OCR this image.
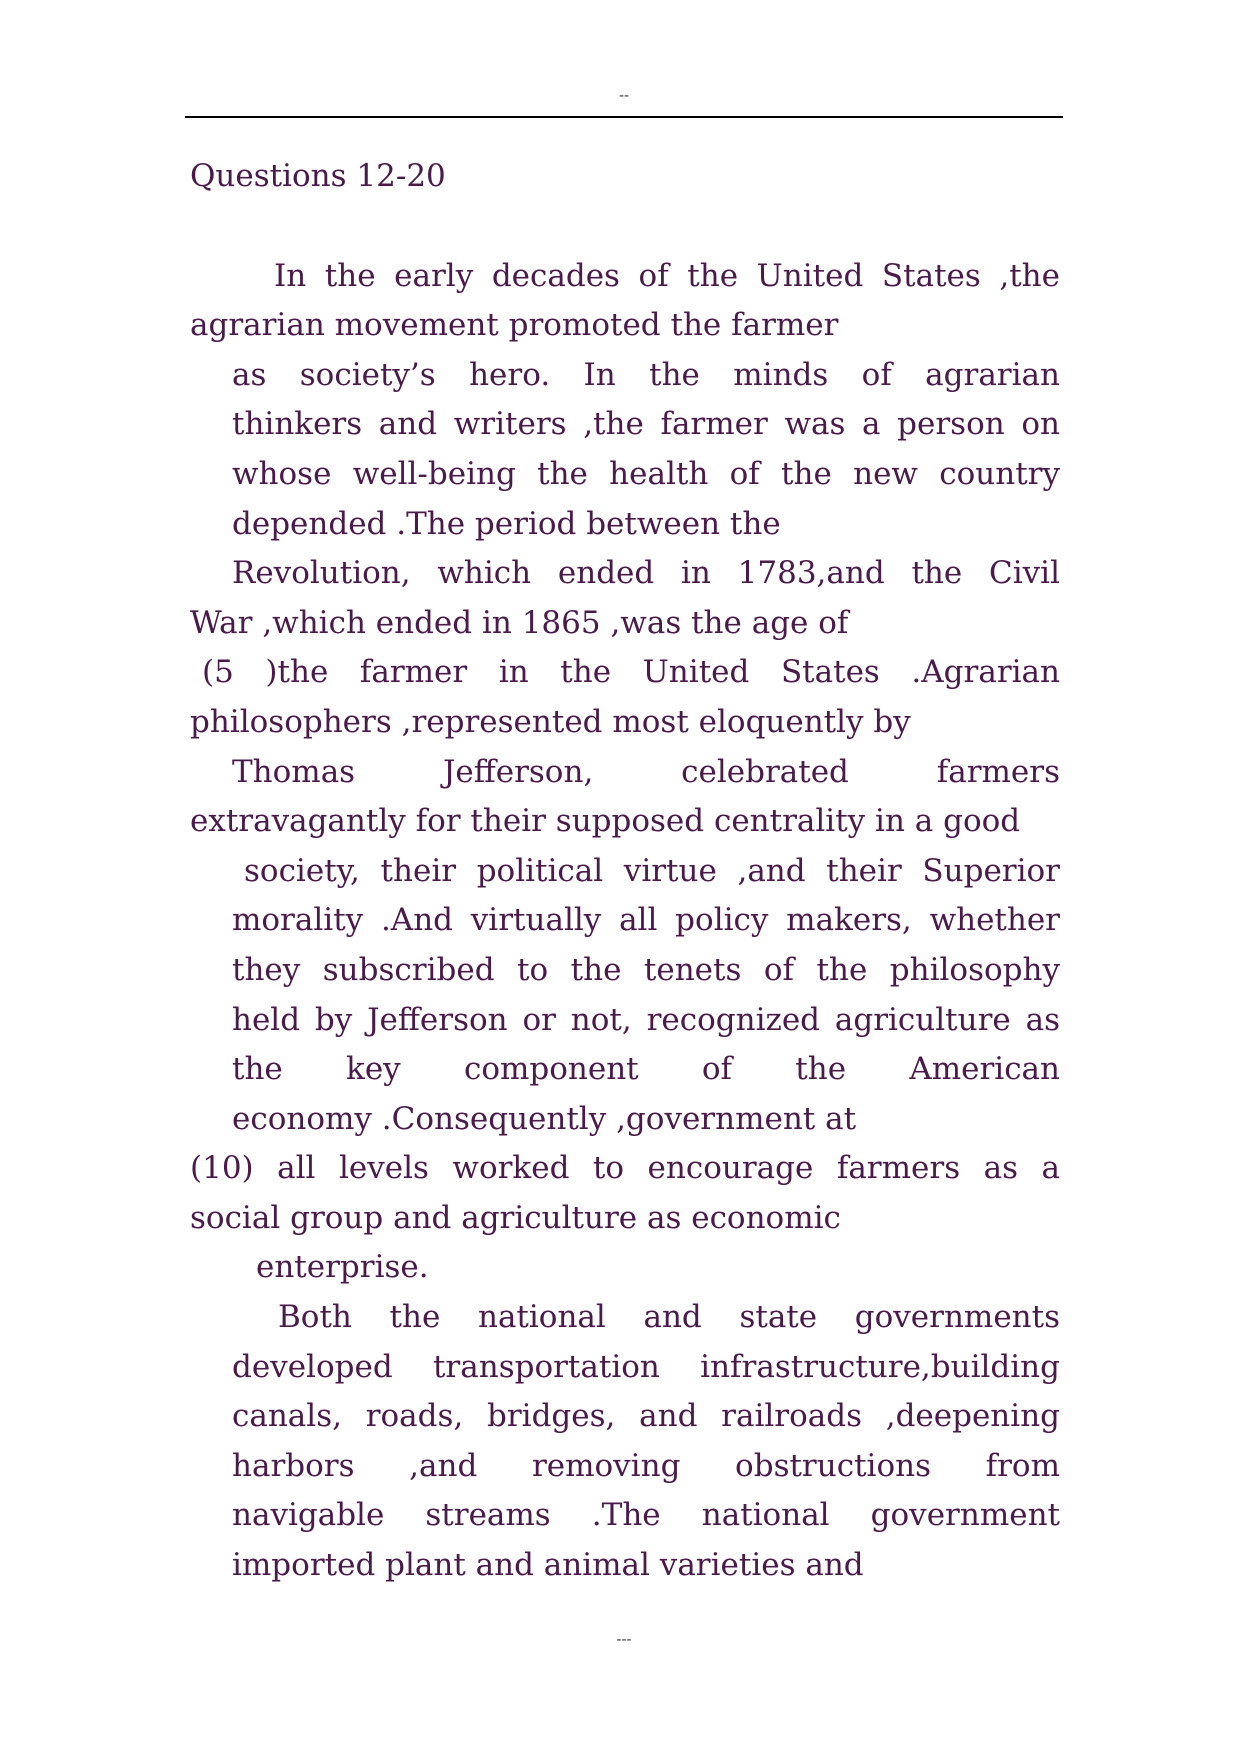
--
Questions 12-20
In the early decades of the United States ,the
agrarian movement promoted the farmer
as society’s hero. In the minds of agrarian
thinkers and writers ,the farmer was a person on
whose well-being the health of the new country
depended .The period between the
Revolution, which ended in 1783,and the Civil
War ,which ended in 1865 ,was the age of
(5 )the farmer in the United States .Agrarian
philosophers ,represented most eloquently by
Thomas Jefferson, celebrated farmers
extravagantly for their supposed centrality in a good
society, their political virtue ,and their Superior
morality .And virtually all policy makers, whether
they subscribed to the tenets of the philosophy
held by Jefferson or not, recognized agriculture as
the key component of the American
economy .Consequently ,government at
(10) all levels worked to encourage farmers as a
social group and agriculture as economic
enterprise.
Both the national and state governments
developed transportation infrastructure,building
canals, roads, bridges, and railroads ,deepening
harbors ,and removing obstructions from
navigable streams .The national government
imported plant and animal varieties and
---
